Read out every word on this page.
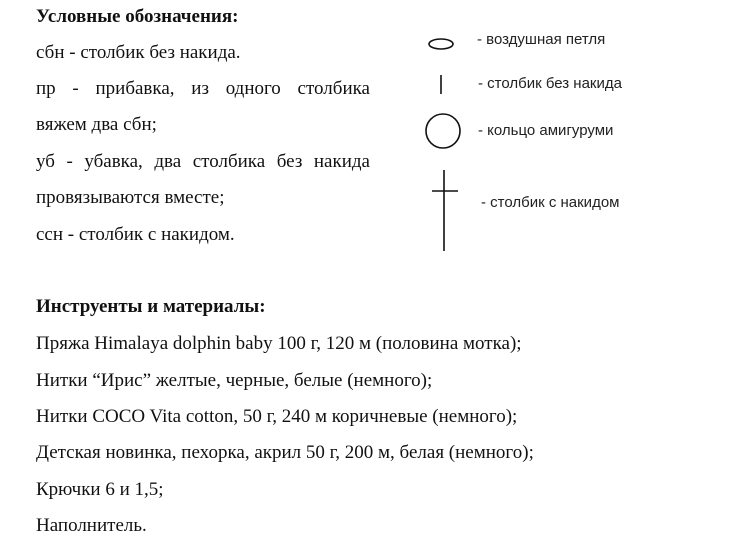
Условные обозначения:
сбн - столбик без накида.
пр - прибавка, из одного столбика
вяжем два сбн;
уб - убавка, два столбика без накида
провязываются вместе;
ссн - столбик с накидом.
- воздушная петля
- столбик без накида
- кольцо амигуруми
- столбик с накидом
Инструенты и материалы:
Пряжа Himalaya dolphin baby 100 г, 120 м (половина мотка);
Нитки “Ирис” желтые, черные, белые (немного);
Нитки COCO Vita cotton, 50 г, 240 м коричневые (немного);
Детская новинка, пехорка, акрил 50 г, 200 м, белая (немного);
Крючки 6 и 1,5;
Наполнитель.
